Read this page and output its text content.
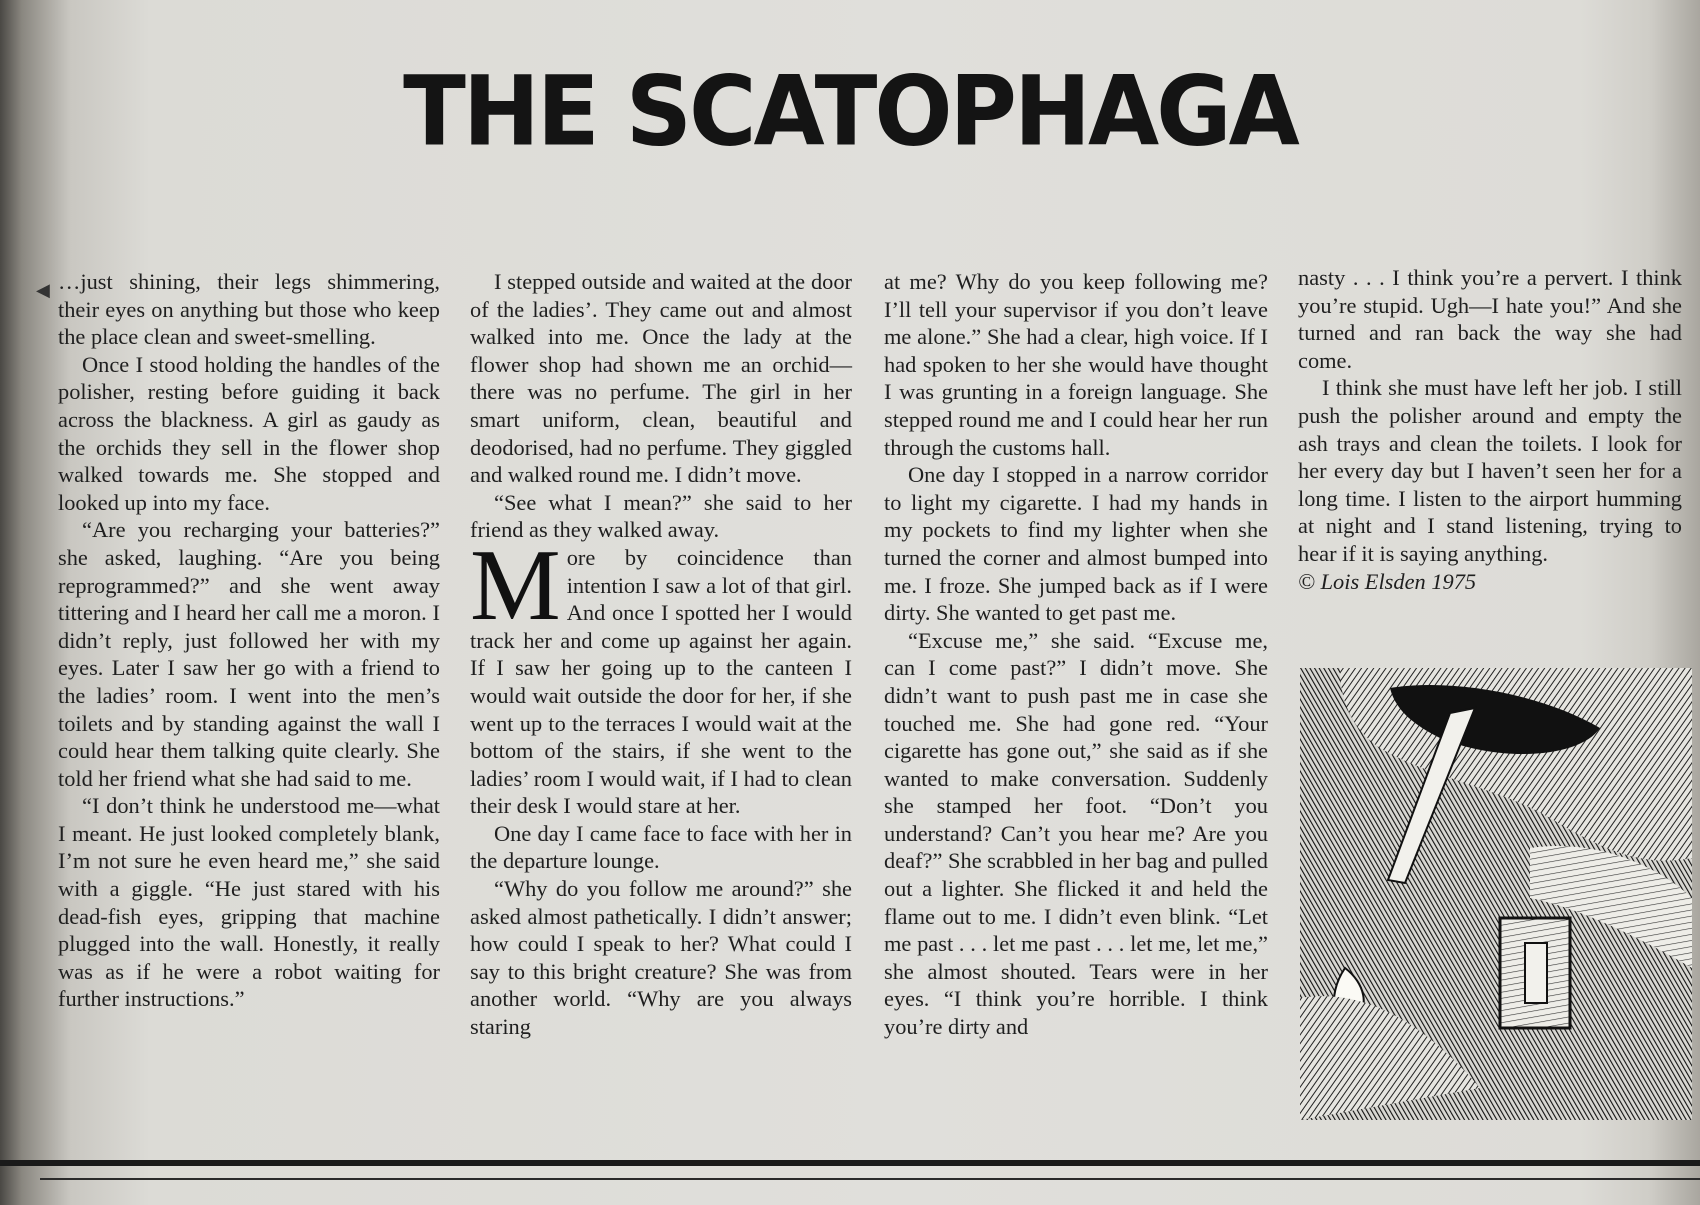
THE SCATOPHAGA
◀ …just shining, their legs shimmering, their eyes on anything but those who keep the place clean and sweet-smelling.

Once I stood holding the handles of the polisher, resting before guiding it back across the blackness. A girl as gaudy as the orchids they sell in the flower shop walked towards me. She stopped and looked up into my face.

“Are you recharging your batteries?” she asked, laughing. “Are you being reprogrammed?” and she went away tittering and I heard her call me a moron. I didn’t reply, just followed her with my eyes. Later I saw her go with a friend to the ladies’ room. I went into the men’s toilets and by standing against the wall I could hear them talking quite clearly. She told her friend what she had said to me.

“I don’t think he understood me—what I meant. He just looked completely blank, I’m not sure he even heard me,” she said with a giggle. “He just stared with his dead-fish eyes, gripping that machine plugged into the wall. Honestly, it really was as if he were a robot waiting for further instructions.”

I stepped outside and waited at the door of the ladies’. They came out and almost walked into me. Once the lady at the flower shop had shown me an orchid—there was no perfume. The girl in her smart uniform, clean, beautiful and deodorised, had no perfume. They giggled and walked round me. I didn’t move.

“See what I mean?” she said to her friend as they walked away.

More by coincidence than intention I saw a lot of that girl. And once I spotted her I would track her and come up against her again. If I saw her going up to the canteen I would wait outside the door for her, if she went up to the terraces I would wait at the bottom of the stairs, if she went to the ladies’ room I would wait, if I had to clean their desk I would stare at her.

One day I came face to face with her in the departure lounge.

“Why do you follow me around?” she asked almost pathetically. I didn’t answer; how could I speak to her? What could I say to this bright creature? She was from another world. “Why are you always staring

at me? Why do you keep following me? I’ll tell your supervisor if you don’t leave me alone.” She had a clear, high voice. If I had spoken to her she would have thought I was grunting in a foreign language. She stepped round me and I could hear her run through the customs hall.

One day I stopped in a narrow corridor to light my cigarette. I had my hands in my pockets to find my lighter when she turned the corner and almost bumped into me. I froze. She jumped back as if I were dirty. She wanted to get past me.

“Excuse me,” she said. “Excuse me, can I come past?” I didn’t move. She didn’t want to push past me in case she touched me. She had gone red. “Your cigarette has gone out,” she said as if she wanted to make conversation. Suddenly she stamped her foot. “Don’t you understand? Can’t you hear me? Are you deaf?” She scrabbled in her bag and pulled out a lighter. She flicked it and held the flame out to me. I didn’t even blink. “Let me past . . . let me past . . . let me, let me,” she almost shouted. Tears were in her eyes. “I think you’re horrible. I think you’re dirty and

nasty . . . I think you’re a pervert. I think you’re stupid. Ugh—I hate you!” And she turned and ran back the way she had come.

I think she must have left her job. I still push the polisher around and empty the ash trays and clean the toilets. I look for her every day but I haven’t seen her for a long time. I listen to the airport humming at night and I stand listening, trying to hear if it is saying anything.

© Lois Elsden 1975
